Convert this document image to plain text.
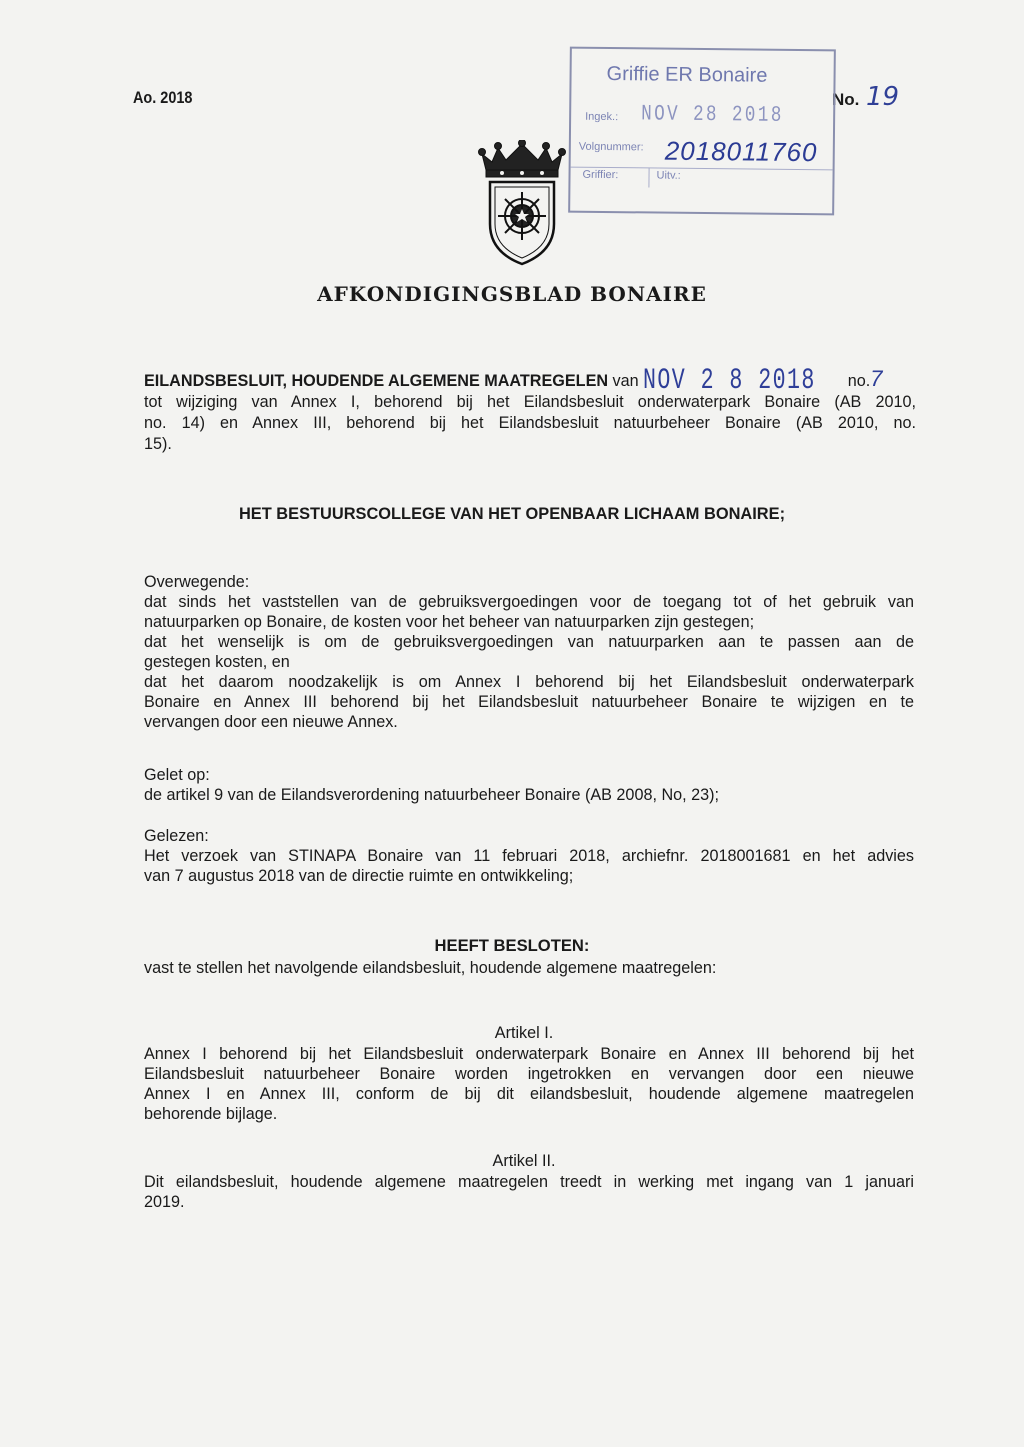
Ao. 2018	No. 19
Griffie ER Bonaire
Ingek.: NOV 28 2018
Volgnummer: 2018011760
Griffier:	Uitv.:
AFKONDIGINGSBLAD BONAIRE
EILANDSBESLUIT, HOUDENDE ALGEMENE MAATREGELEN van NOV 2 8 2018 no.7
tot wijziging van Annex I, behorend bij het Eilandsbesluit onderwaterpark Bonaire (AB 2010,
no. 14) en Annex III, behorend bij het Eilandsbesluit natuurbeheer Bonaire (AB 2010, no.
15).
HET BESTUURSCOLLEGE VAN HET OPENBAAR LICHAAM BONAIRE;
Overwegende:
dat sinds het vaststellen van de gebruiksvergoedingen voor de toegang tot of het gebruik van
natuurparken op Bonaire, de kosten voor het beheer van natuurparken zijn gestegen;
dat het wenselijk is om de gebruiksvergoedingen van natuurparken aan te passen aan de
gestegen kosten, en
dat het daarom noodzakelijk is om Annex I behorend bij het Eilandsbesluit onderwaterpark
Bonaire en Annex III behorend bij het Eilandsbesluit natuurbeheer Bonaire te wijzigen en te
vervangen door een nieuwe Annex.
Gelet op:
de artikel 9 van de Eilandsverordening natuurbeheer Bonaire (AB 2008, No, 23);
Gelezen:
Het verzoek van STINAPA Bonaire van 11 februari 2018, archiefnr. 2018001681 en het advies
van 7 augustus 2018 van de directie ruimte en ontwikkeling;
HEEFT BESLOTEN:
vast te stellen het navolgende eilandsbesluit, houdende algemene maatregelen:
Artikel I.
Annex I behorend bij het Eilandsbesluit onderwaterpark Bonaire en Annex III behorend bij het
Eilandsbesluit natuurbeheer Bonaire worden ingetrokken en vervangen door een nieuwe
Annex I en Annex III, conform de bij dit eilandsbesluit, houdende algemene maatregelen
behorende bijlage.
Artikel II.
Dit eilandsbesluit, houdende algemene maatregelen treedt in werking met ingang van 1 januari
2019.
